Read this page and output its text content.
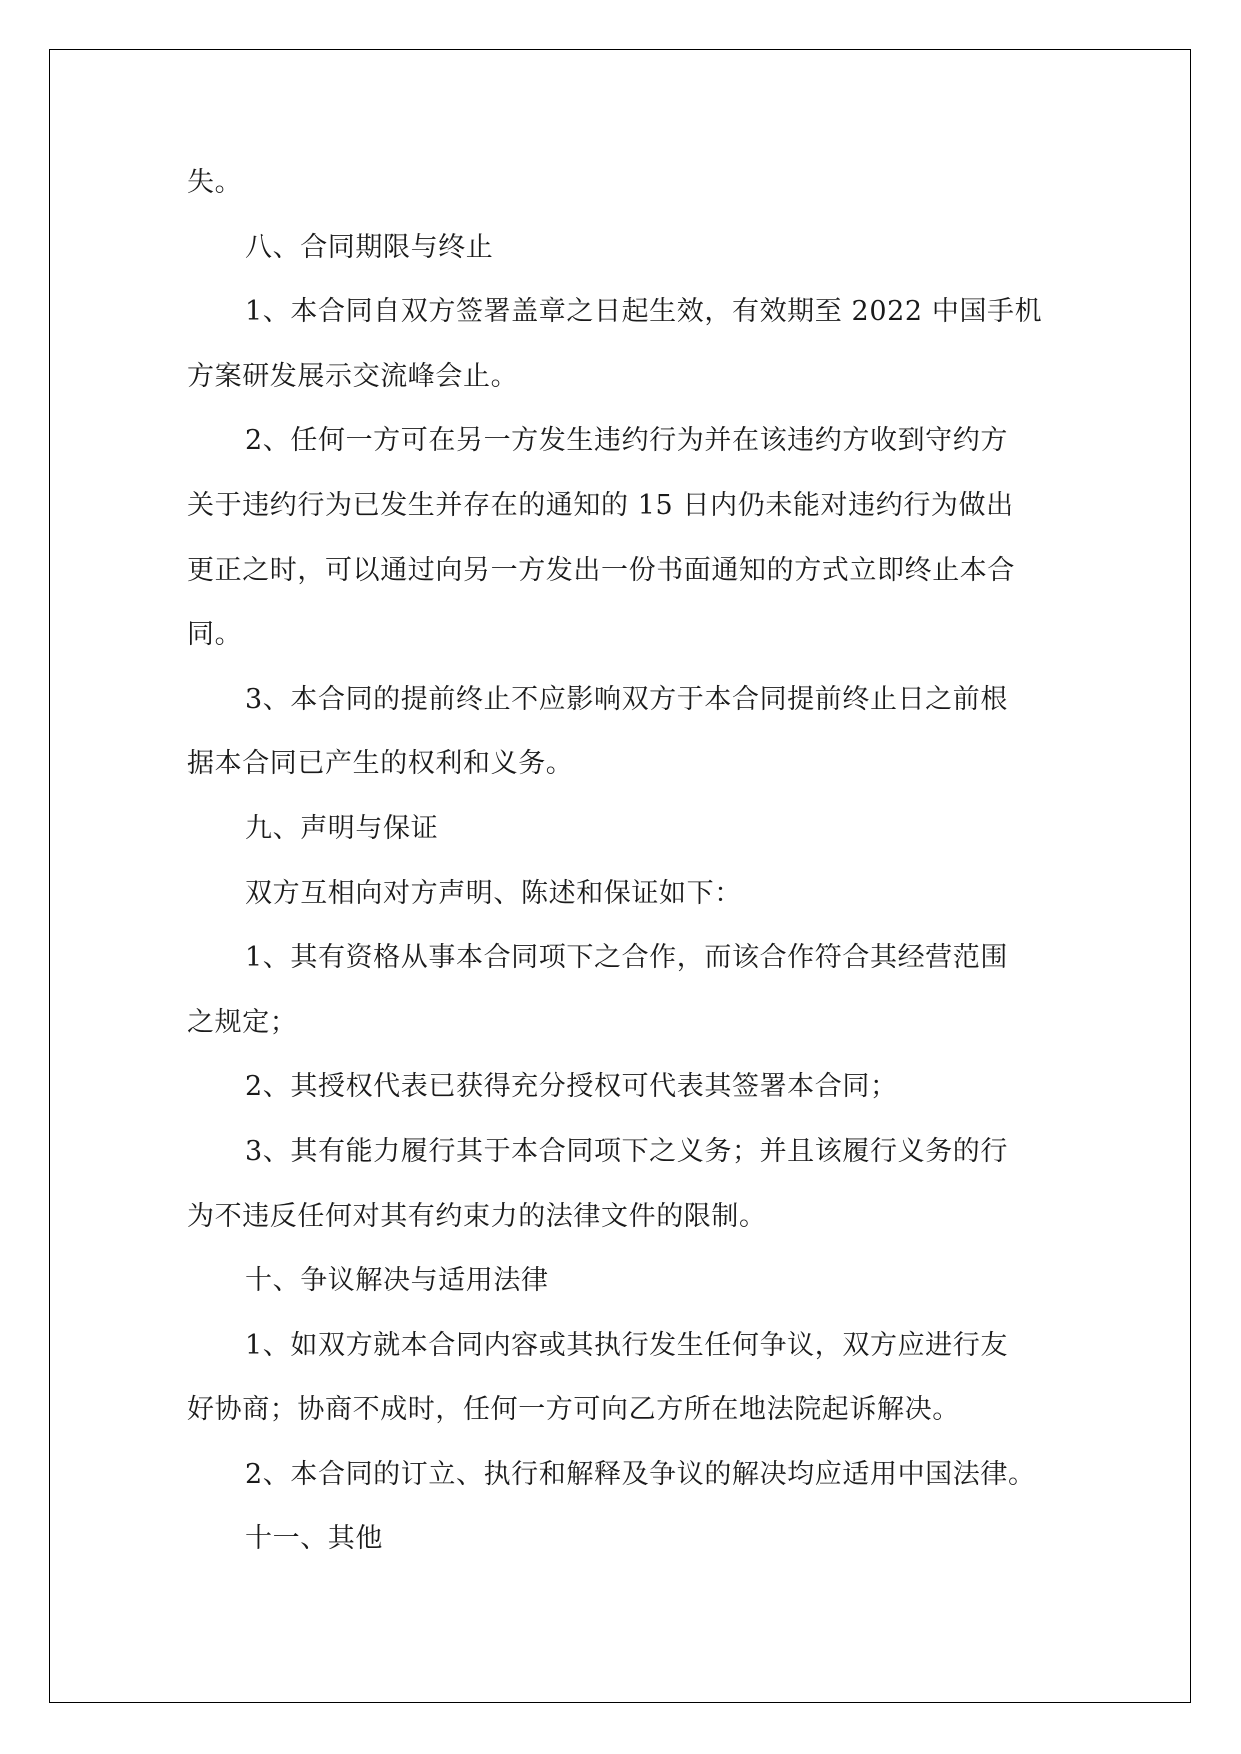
失。
八、合同期限与终止
1、本合同自双方签署盖章之日起生效，有效期至 2022 中国手机
方案研发展示交流峰会止。
2、任何一方可在另一方发生违约行为并在该违约方收到守约方
关于违约行为已发生并存在的通知的 15 日内仍未能对违约行为做出
更正之时，可以通过向另一方发出一份书面通知的方式立即终止本合
同。
3、本合同的提前终止不应影响双方于本合同提前终止日之前根
据本合同已产生的权利和义务。
九、声明与保证
双方互相向对方声明、陈述和保证如下：
1、其有资格从事本合同项下之合作，而该合作符合其经营范围
之规定；
2、其授权代表已获得充分授权可代表其签署本合同；
3、其有能力履行其于本合同项下之义务；并且该履行义务的行
为不违反任何对其有约束力的法律文件的限制。
十、争议解决与适用法律
1、如双方就本合同内容或其执行发生任何争议，双方应进行友
好协商；协商不成时，任何一方可向乙方所在地法院起诉解决。
2、本合同的订立、执行和解释及争议的解决均应适用中国法律。
十一、其他
